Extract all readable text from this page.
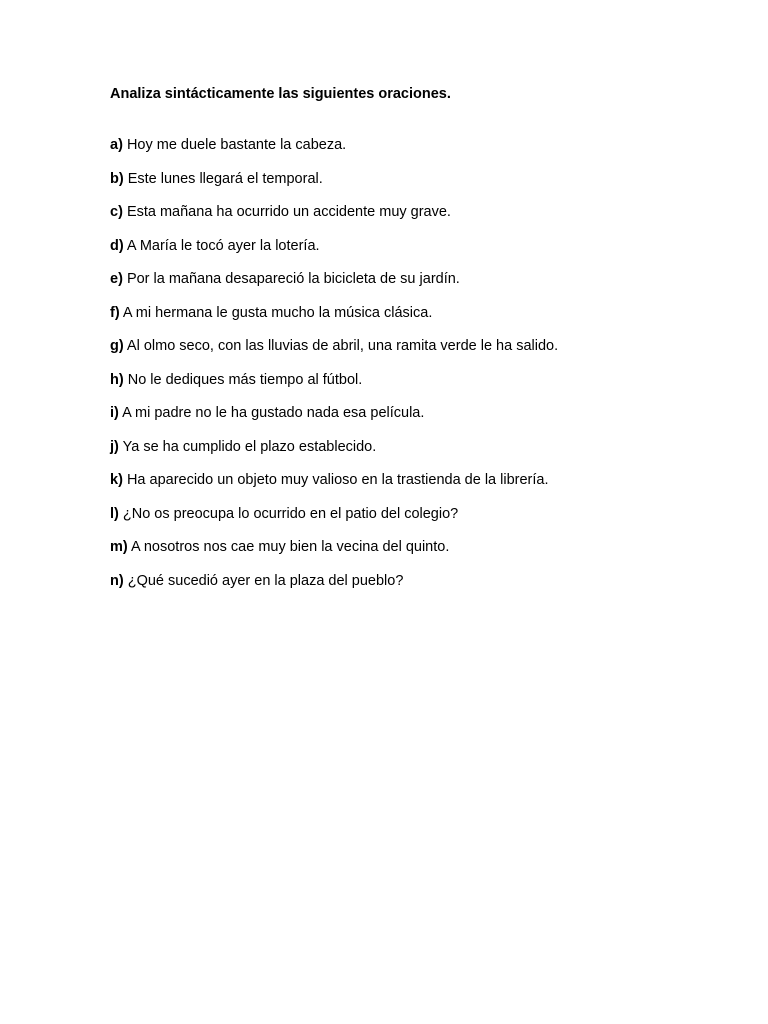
Analiza sintácticamente las siguientes oraciones.

a) Hoy me duele bastante la cabeza.
b) Este lunes llegará el temporal.
c) Esta mañana ha ocurrido un accidente muy grave.
d) A María le tocó ayer la lotería.
e) Por la mañana desapareció la bicicleta de su jardín.
f) A mi hermana le gusta mucho la música clásica.
g) Al olmo seco, con las lluvias de abril, una ramita verde le ha salido.
h) No le dediques más tiempo al fútbol.
i) A mi padre no le ha gustado nada esa película.
j) Ya se ha cumplido el plazo establecido.
k) Ha aparecido un objeto muy valioso en la trastienda de la librería.
l) ¿No os preocupa lo ocurrido en el patio del colegio?
m) A nosotros nos cae muy bien la vecina del quinto.
n) ¿Qué sucedió ayer en la plaza del pueblo?
